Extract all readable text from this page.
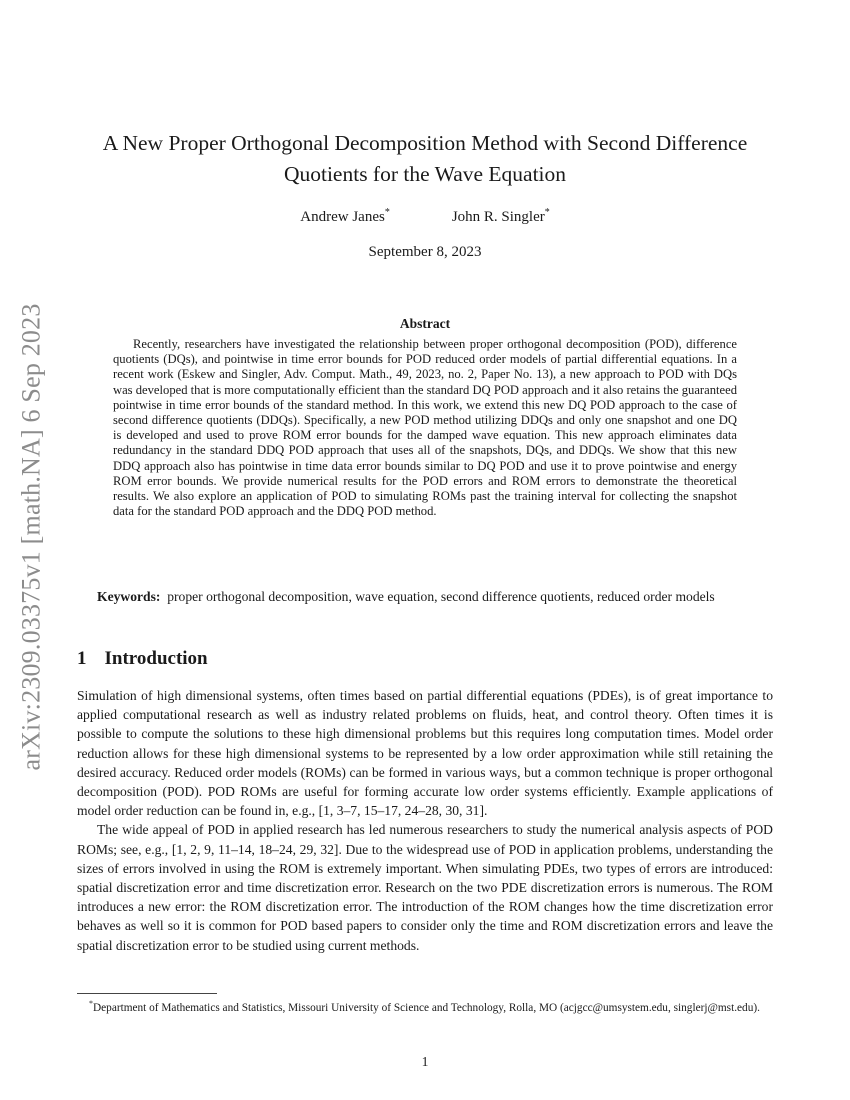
arXiv:2309.03375v1 [math.NA] 6 Sep 2023
A New Proper Orthogonal Decomposition Method with Second Difference Quotients for the Wave Equation
Andrew Janes*	John R. Singler*
September 8, 2023
Abstract

Recently, researchers have investigated the relationship between proper orthogonal decomposition (POD), difference quotients (DQs), and pointwise in time error bounds for POD reduced order models of partial differential equations. In a recent work (Eskew and Singler, Adv. Comput. Math., 49, 2023, no. 2, Paper No. 13), a new approach to POD with DQs was developed that is more computationally efficient than the standard DQ POD approach and it also retains the guaranteed pointwise in time error bounds of the standard method. In this work, we extend this new DQ POD approach to the case of second difference quotients (DDQs). Specifically, a new POD method utilizing DDQs and only one snapshot and one DQ is developed and used to prove ROM error bounds for the damped wave equation. This new approach eliminates data redundancy in the standard DDQ POD approach that uses all of the snapshots, DQs, and DDQs. We show that this new DDQ approach also has pointwise in time data error bounds similar to DQ POD and use it to prove pointwise and energy ROM error bounds. We provide numerical results for the POD errors and ROM errors to demonstrate the theoretical results. We also explore an application of POD to simulating ROMs past the training interval for collecting the snapshot data for the standard POD approach and the DDQ POD method.

Keywords: proper orthogonal decomposition, wave equation, second difference quotients, reduced order models

1 Introduction

Simulation of high dimensional systems, often times based on partial differential equations (PDEs), is of great importance to applied computational research as well as industry related problems on fluids, heat, and control theory. Often times it is possible to compute the solutions to these high dimensional problems but this requires long computation times. Model order reduction allows for these high dimensional systems to be represented by a low order approximation while still retaining the desired accuracy. Reduced order models (ROMs) can be formed in various ways, but a common technique is proper orthogonal decomposition (POD). POD ROMs are useful for forming accurate low order systems efficiently. Example applications of model order reduction can be found in, e.g., [1, 3–7, 15–17, 24–28, 30, 31].

The wide appeal of POD in applied research has led numerous researchers to study the numerical analysis aspects of POD ROMs; see, e.g., [1, 2, 9, 11–14, 18–24, 29, 32]. Due to the widespread use of POD in application problems, understanding the sizes of errors involved in using the ROM is extremely important. When simulating PDEs, two types of errors are introduced: spatial discretization error and time discretization error. Research on the two PDE discretization errors is numerous. The ROM introduces a new error: the ROM discretization error. The introduction of the ROM changes how the time discretization error behaves as well so it is common for POD based papers to consider only the time and ROM discretization errors and leave the spatial discretization error to be studied using current methods.

*Department of Mathematics and Statistics, Missouri University of Science and Technology, Rolla, MO (acjgcc@umsystem.edu, singlerj@mst.edu).

1
